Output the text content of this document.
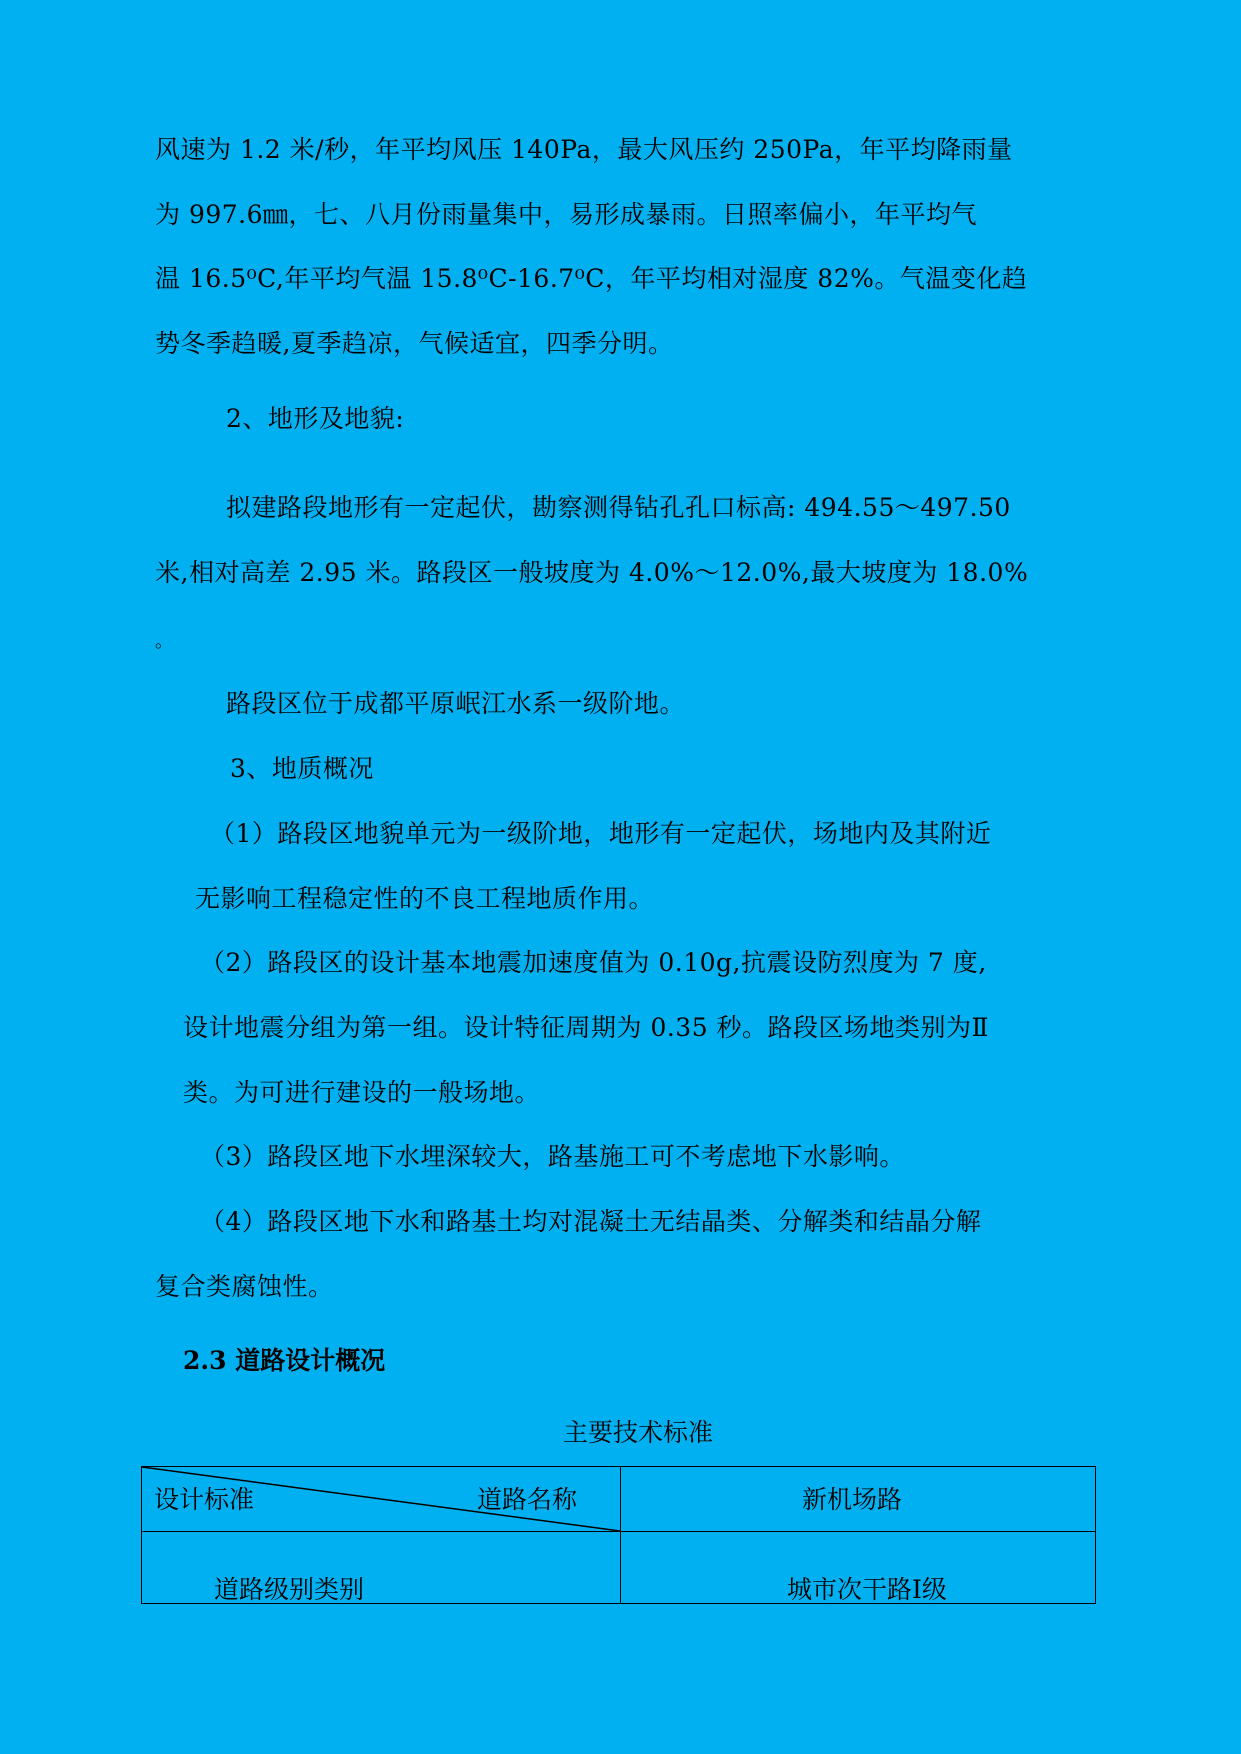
风速为 1.2 米/秒，年平均风压 140Pa，最大风压约 250Pa，年平均降雨量
为 997.6㎜，七、八月份雨量集中，易形成暴雨。日照率偏小，年平均气
温 16.5⁰C,年平均气温 15.8⁰C-16.7⁰C，年平均相对湿度 82%。气温变化趋
势冬季趋暖,夏季趋凉，气候适宜，四季分明。
2、地形及地貌:
拟建路段地形有一定起伏，勘察测得钻孔孔口标高: 494.55～497.50
米,相对高差 2.95 米。路段区一般坡度为 4.0%～12.0%,最大坡度为 18.0%
。
路段区位于成都平原岷江水系一级阶地。
3、地质概况
（1）路段区地貌单元为一级阶地，地形有一定起伏，场地内及其附近
无影响工程稳定性的不良工程地质作用。
（2）路段区的设计基本地震加速度值为 0.10g,抗震设防烈度为 7 度,
设计地震分组为第一组。设计特征周期为 0.35 秒。路段区场地类别为Ⅱ
类。为可进行建设的一般场地。
（3）路段区地下水埋深较大，路基施工可不考虑地下水影响。
（4）路段区地下水和路基土均对混凝土无结晶类、分解类和结晶分解
复合类腐蚀性。
2.3 道路设计概况
主要技术标准
设计标准	道路名称	新机场路
道路级别类别	城市次干路Ⅰ级
